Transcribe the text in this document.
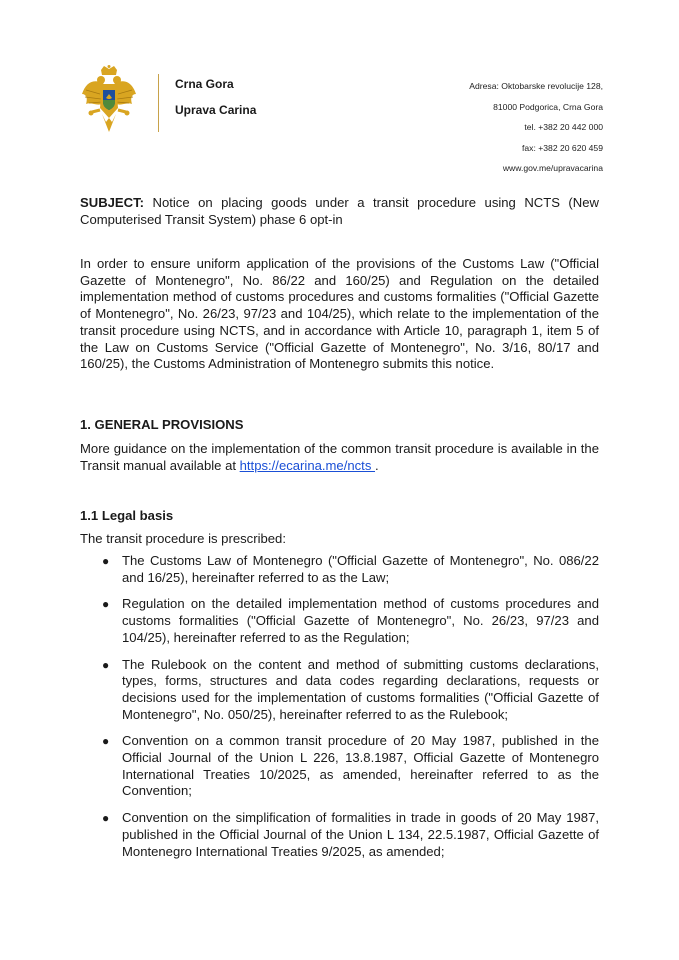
Crna Gora
Uprava Carina
Adresa: Oktobarske revolucije 128,
81000 Podgorica, Crna Gora
tel. +382 20 442 000
fax: +382 20 620 459
www.gov.me/upravacarina
SUBJECT: Notice on placing goods under a transit procedure using NCTS (New Computerised Transit System) phase 6 opt-in
In order to ensure uniform application of the provisions of the Customs Law ("Official Gazette of Montenegro", No. 86/22 and 160/25) and Regulation on the detailed implementation method of customs procedures and customs formalities ("Official Gazette of Montenegro", No. 26/23, 97/23 and 104/25), which relate to the implementation of the transit procedure using NCTS, and in accordance with Article 10, paragraph 1, item 5 of the Law on Customs Service ("Official Gazette of Montenegro", No. 3/16, 80/17 and 160/25), the Customs Administration of Montenegro submits this notice.
1. GENERAL PROVISIONS
More guidance on the implementation of the common transit procedure is available in the Transit manual available at https://ecarina.me/ncts .
1.1 Legal basis
The transit procedure is prescribed:
● The Customs Law of Montenegro ("Official Gazette of Montenegro", No. 086/22 and 16/25), hereinafter referred to as the Law;
● Regulation on the detailed implementation method of customs procedures and customs formalities ("Official Gazette of Montenegro", No. 26/23, 97/23 and 104/25), hereinafter referred to as the Regulation;
● The Rulebook on the content and method of submitting customs declarations, types, forms, structures and data codes regarding declarations, requests or decisions used for the implementation of customs formalities ("Official Gazette of Montenegro", No. 050/25), hereinafter referred to as the Rulebook;
● Convention on a common transit procedure of 20 May 1987, published in the Official Journal of the Union L 226, 13.8.1987, Official Gazette of Montenegro International Treaties 10/2025, as amended, hereinafter referred to as the Convention;
● Convention on the simplification of formalities in trade in goods of 20 May 1987, published in the Official Journal of the Union L 134, 22.5.1987, Official Gazette of Montenegro International Treaties 9/2025, as amended;
